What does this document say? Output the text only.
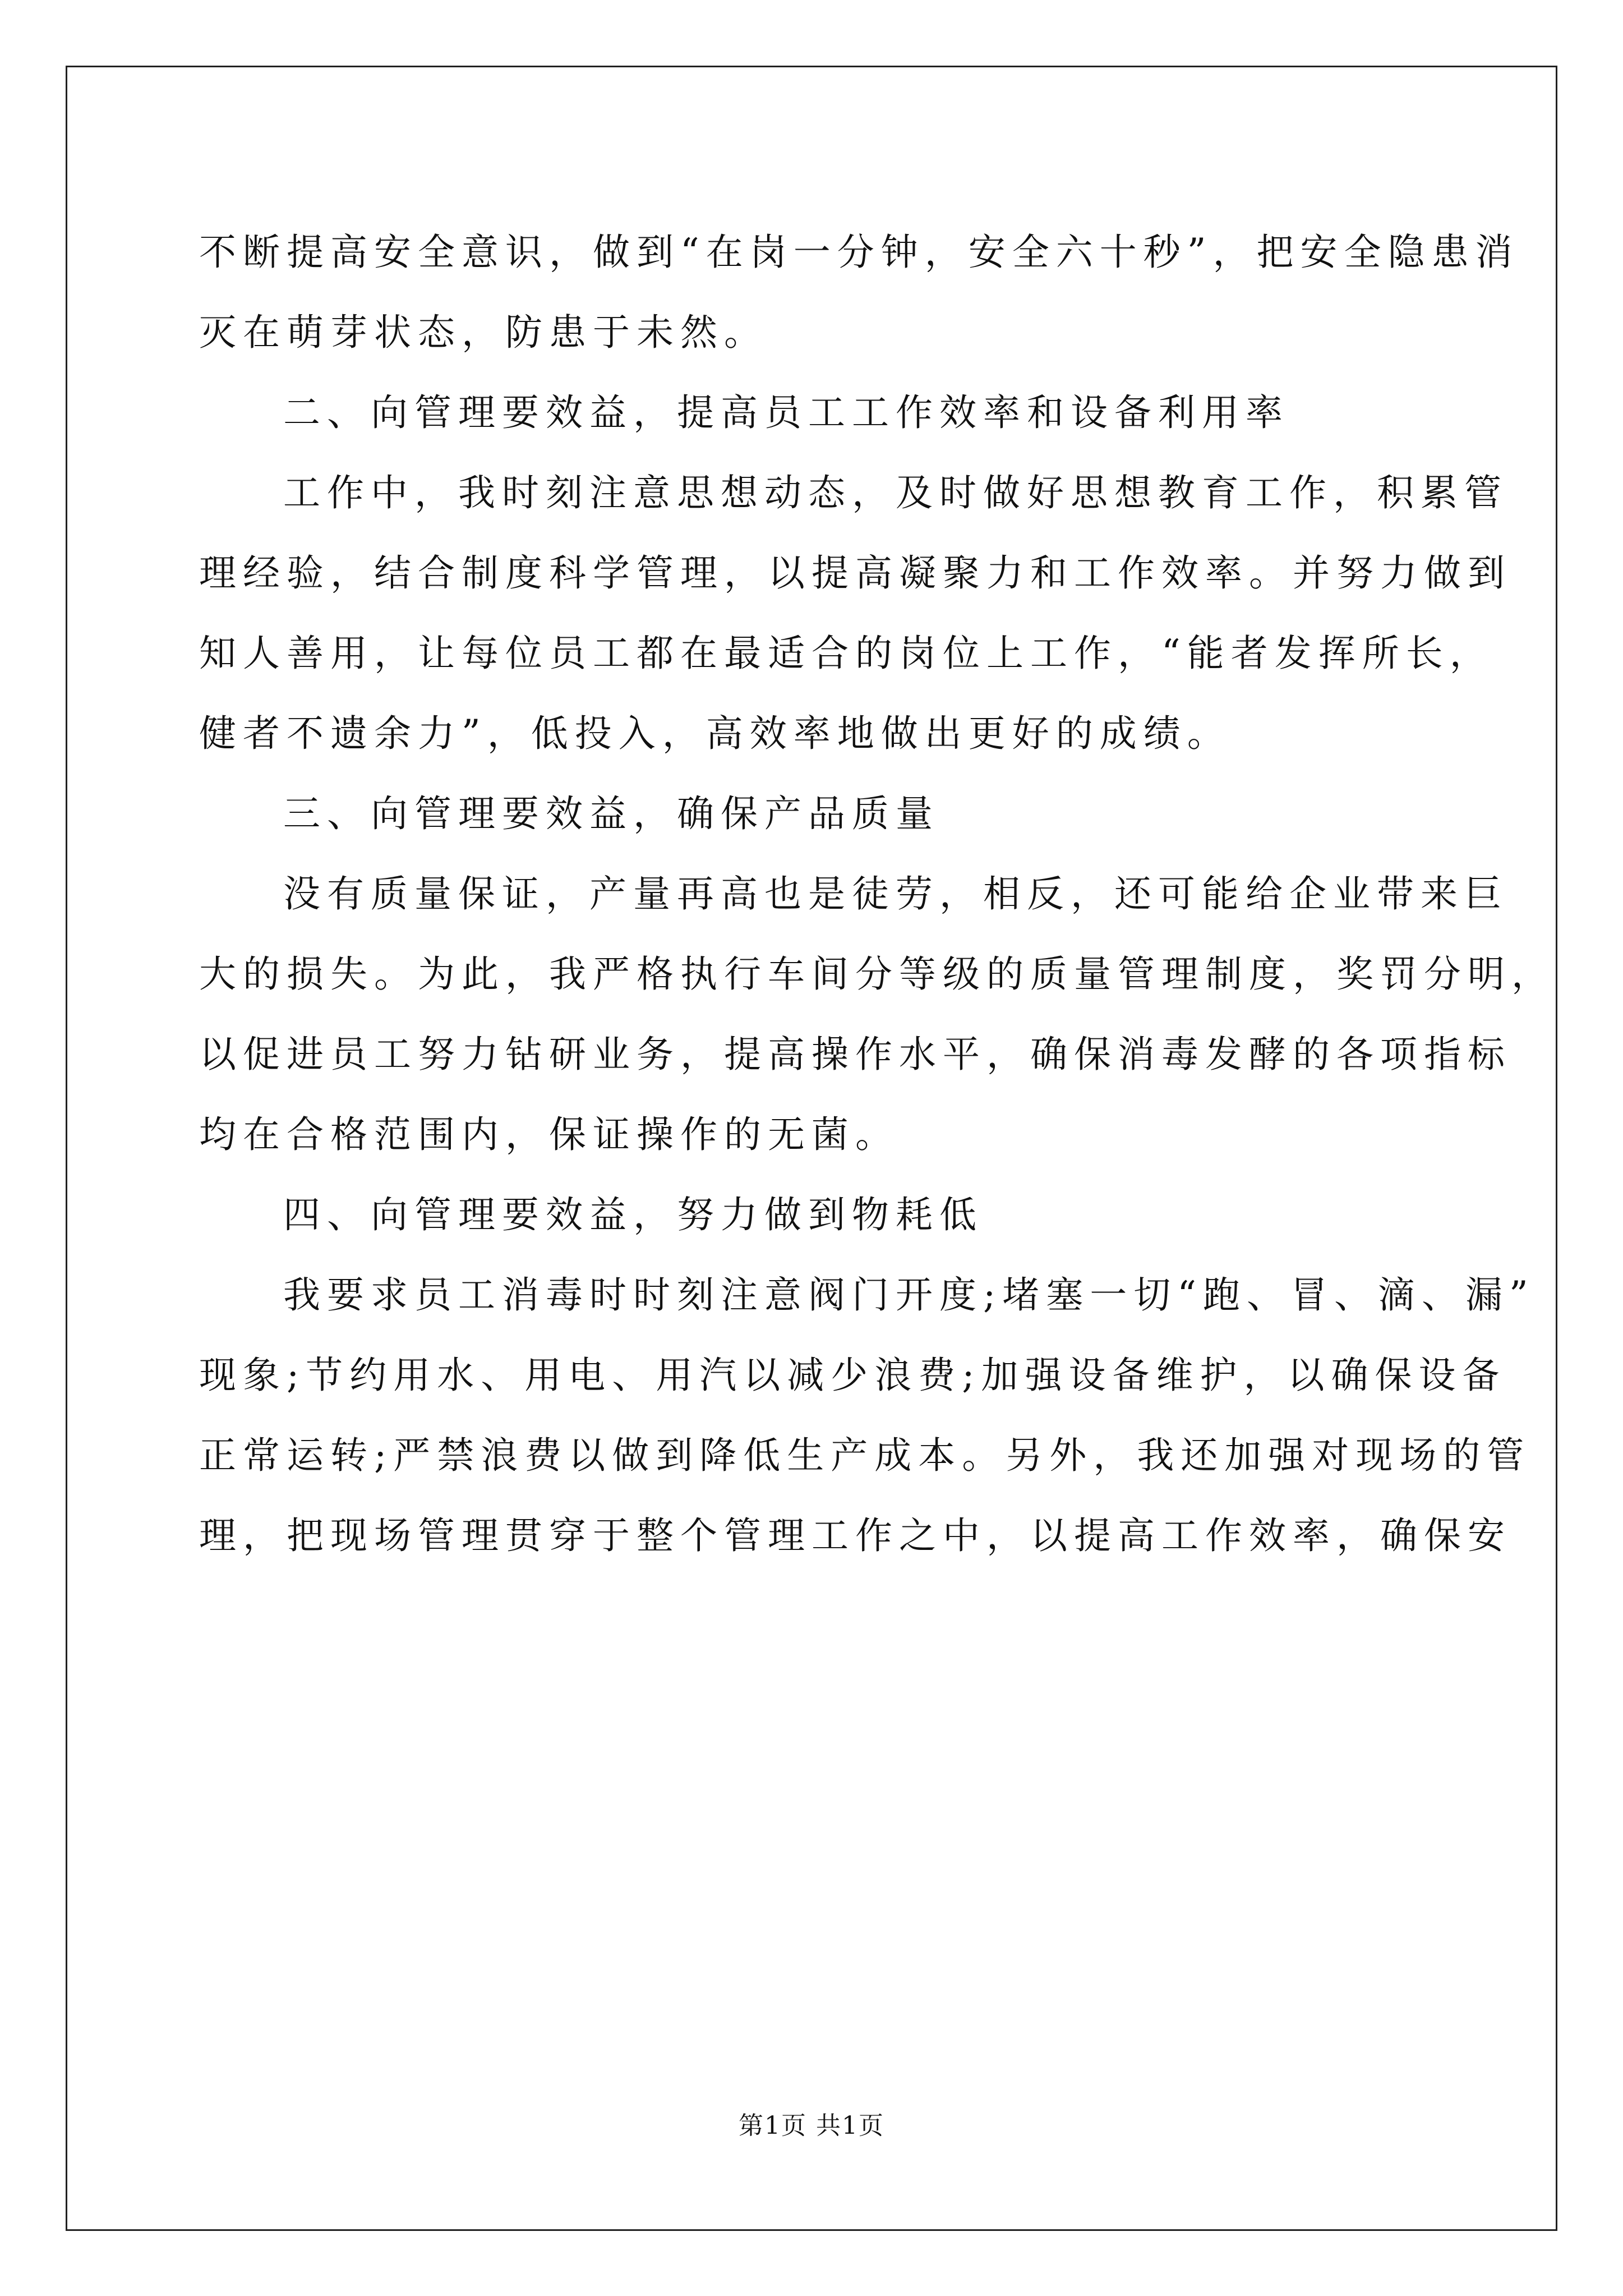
不断提高安全意识，做到“在岗一分钟，安全六十秒”，把安全隐患消
灭在萌芽状态，防患于未然。
二、向管理要效益，提高员工工作效率和设备利用率
工作中，我时刻注意思想动态，及时做好思想教育工作，积累管
理经验，结合制度科学管理，以提高凝聚力和工作效率。并努力做到
知人善用，让每位员工都在最适合的岗位上工作，“能者发挥所长，
健者不遗余力”，低投入，高效率地做出更好的成绩。
三、向管理要效益，确保产品质量
没有质量保证，产量再高也是徒劳，相反，还可能给企业带来巨
大的损失。为此，我严格执行车间分等级的质量管理制度，奖罚分明，
以促进员工努力钻研业务，提高操作水平，确保消毒发酵的各项指标
均在合格范围内，保证操作的无菌。
四、向管理要效益，努力做到物耗低
我要求员工消毒时时刻注意阀门开度;堵塞一切“跑、冒、滴、漏”
现象;节约用水、用电、用汽以减少浪费;加强设备维护，以确保设备
正常运转;严禁浪费以做到降低生产成本。另外，我还加强对现场的管
理，把现场管理贯穿于整个管理工作之中，以提高工作效率，确保安
第1页 共1页
